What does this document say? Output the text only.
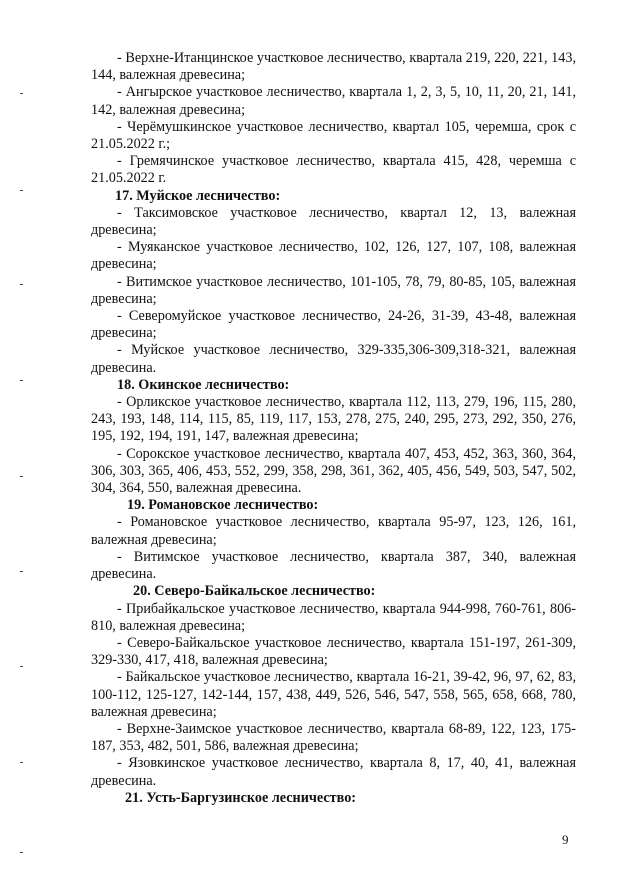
- Верхне-Итанцинское участковое лесничество, квартала 219, 220, 221, 143, 144, валежная древесина;

- Ангырское участковое лесничество, квартала 1, 2, 3, 5, 10, 11, 20, 21, 141, 142, валежная древесина;

- Черёмушкинское участковое лесничество, квартал 105, черемша, срок с 21.05.2022 г.;

- Гремячинское участковое лесничество, квартала 415, 428, черемша с 21.05.2022 г.

17. Муйское лесничество:

- Таксимовское участковое лесничество, квартал 12, 13, валежная древесина;

- Муяканское участковое лесничество, 102, 126, 127, 107, 108, валежная древесина;

- Витимское участковое лесничество, 101-105, 78, 79, 80-85, 105, валежная древесина;

- Северомуйское участковое лесничество, 24-26, 31-39, 43-48, валежная древесина;

- Муйское участковое лесничество, 329-335,306-309,318-321, валежная древесина.

18. Окинское лесничество:

- Орликское участковое лесничество, квартала 112, 113, 279, 196, 115, 280, 243, 193, 148, 114, 115, 85, 119, 117, 153, 278, 275, 240, 295, 273, 292, 350, 276, 195, 192, 194, 191, 147, валежная древесина;

- Сорокское участковое лесничество, квартала 407, 453, 452, 363, 360, 364, 306, 303, 365, 406, 453, 552, 299, 358, 298, 361, 362, 405, 456, 549, 503, 547, 502, 304, 364, 550, валежная древесина.

19. Романовское лесничество:

- Романовское участковое лесничество, квартала 95-97, 123, 126, 161, валежная древесина;

- Витимское участковое лесничество, квартала 387, 340, валежная древесина.

20. Северо-Байкальское лесничество:

- Прибайкальское участковое лесничество, квартала 944-998, 760-761, 806-810, валежная древесина;

- Северо-Байкальское участковое лесничество, квартала 151-197, 261-309, 329-330, 417, 418, валежная древесина;

- Байкальское участковое лесничество, квартала 16-21, 39-42, 96, 97, 62, 83, 100-112, 125-127, 142-144, 157, 438, 449, 526, 546, 547, 558, 565, 658, 668, 780, валежная древесина;

- Верхне-Заимское участковое лесничество, квартала 68-89, 122, 123, 175-187, 353, 482, 501, 586, валежная древесина;

- Язовкинское участковое лесничество, квартала 8, 17, 40, 41, валежная древесина.

21. Усть-Баргузинское лесничество:

9
